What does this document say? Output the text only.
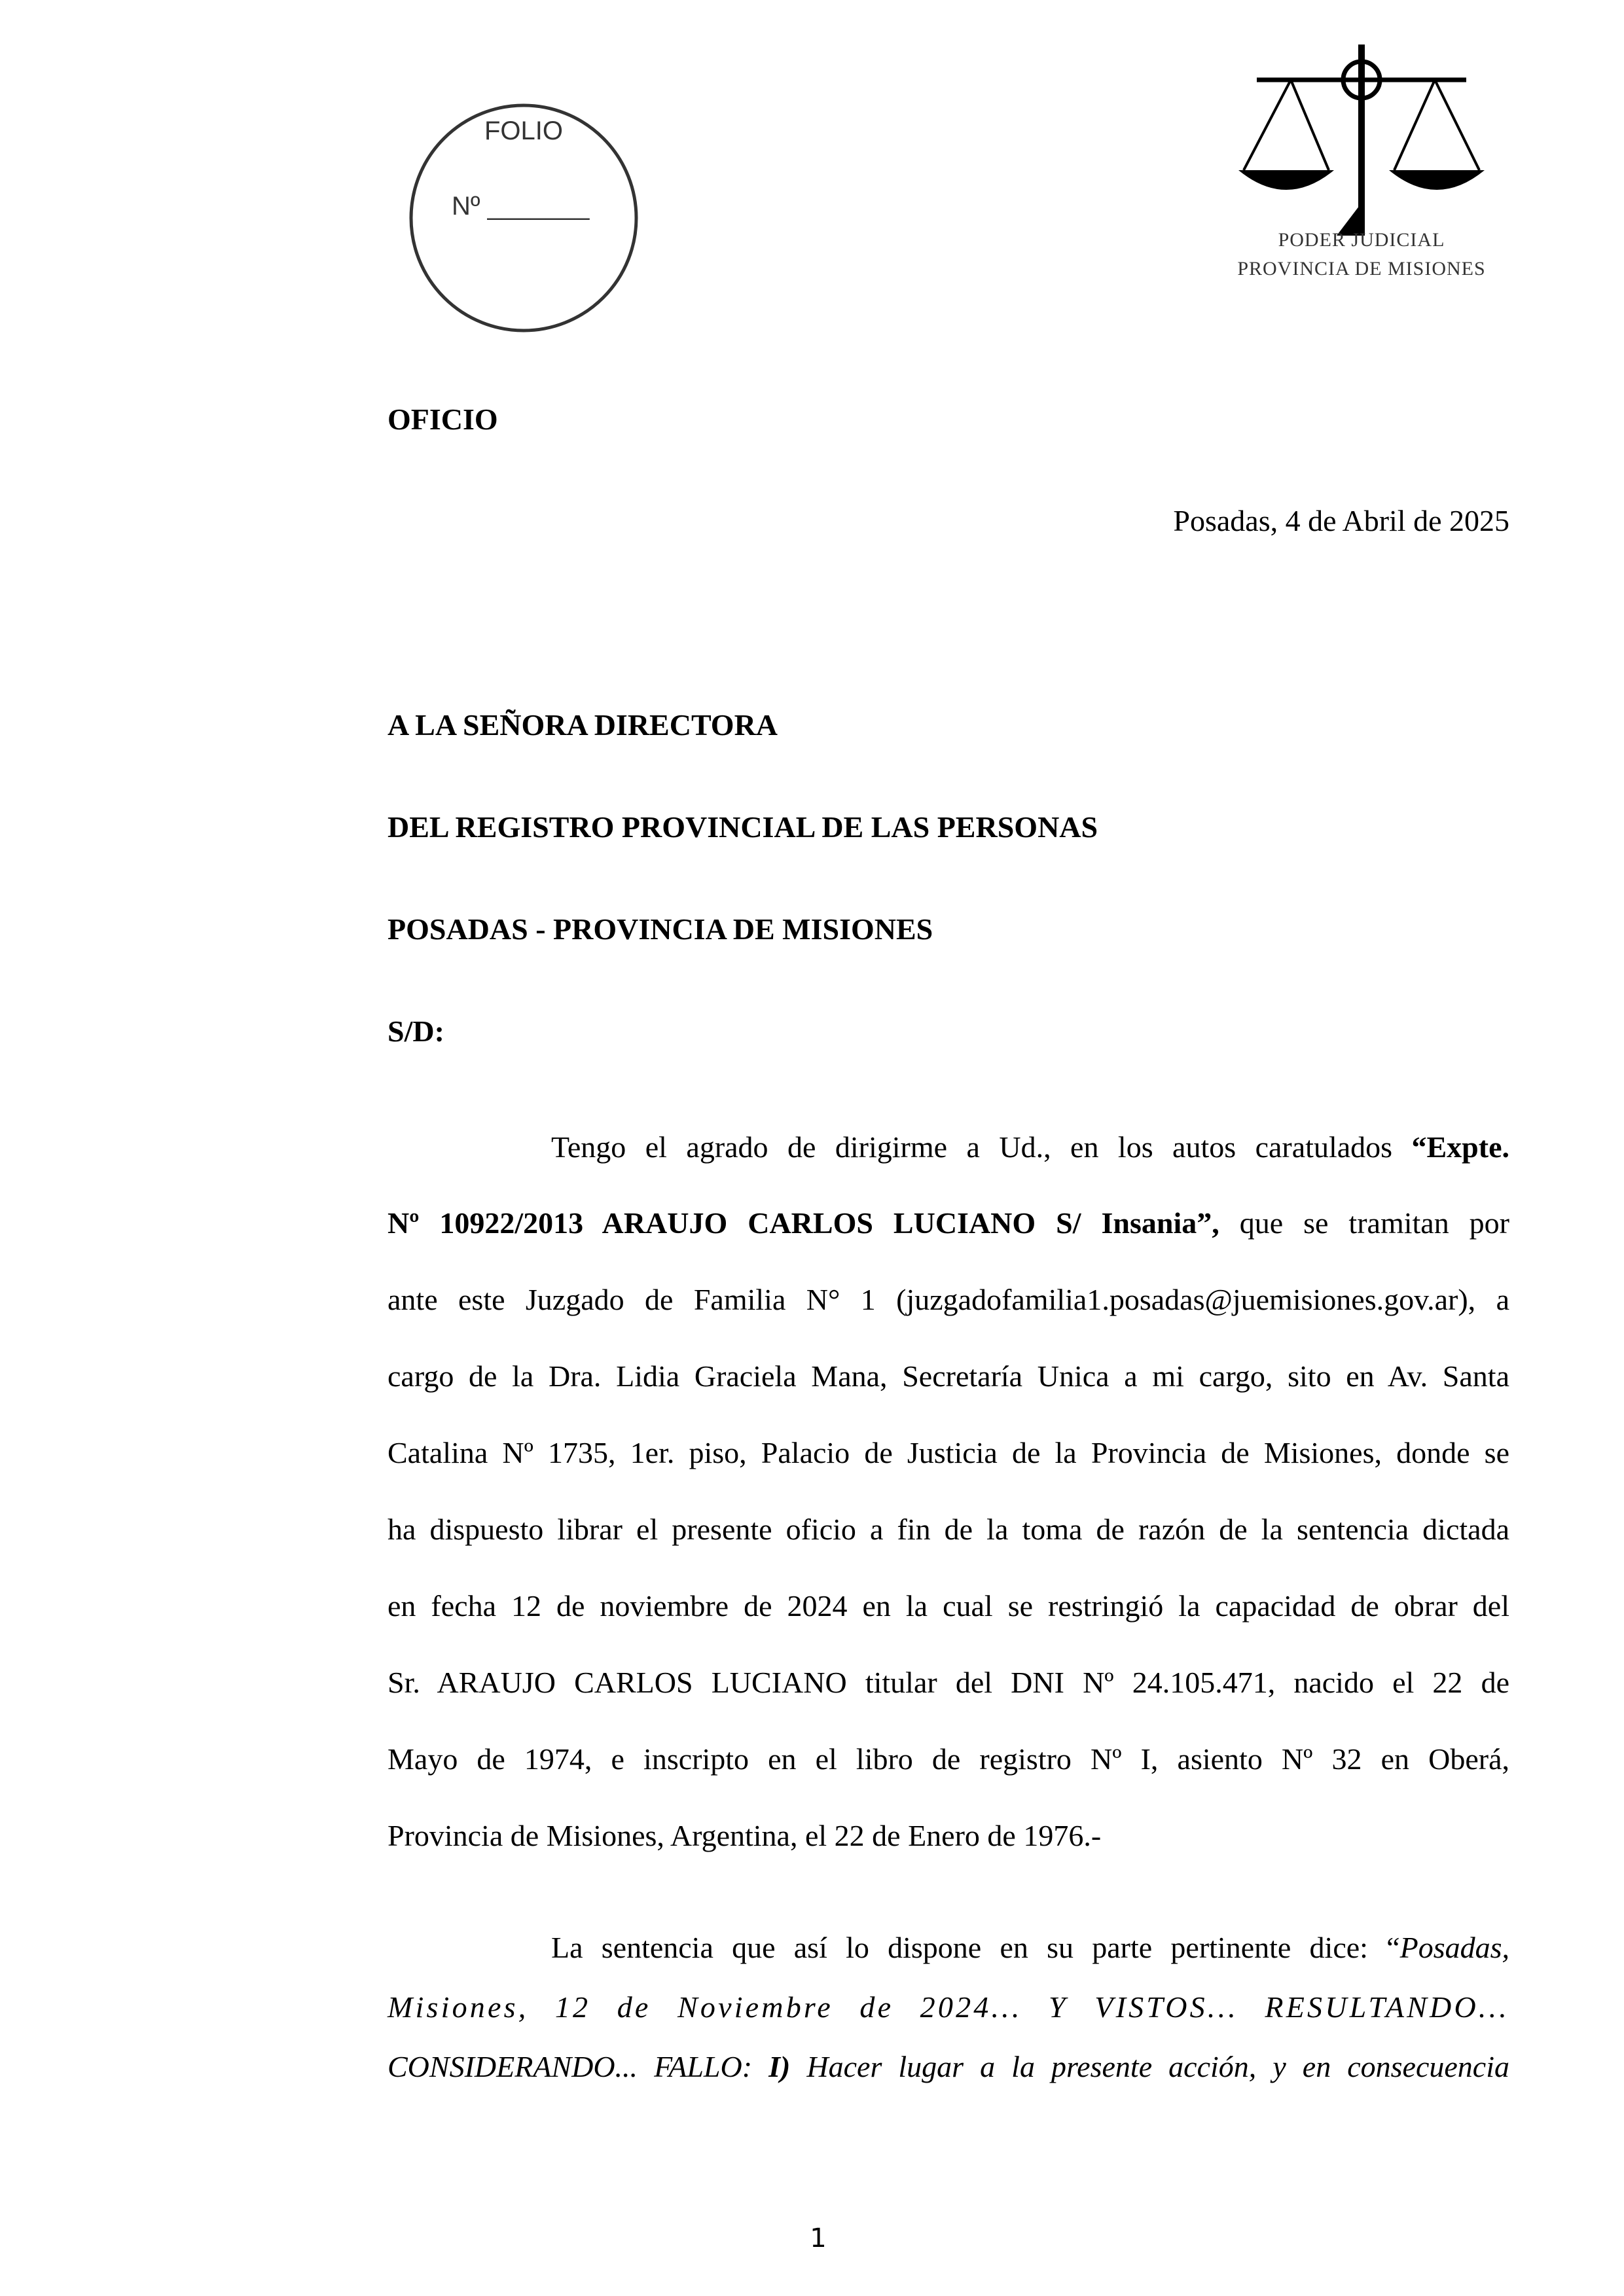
FOLIO
Nº _______
PODER JUDICIAL
PROVINCIA DE MISIONES
OFICIO
Posadas, 4 de Abril de 2025
A LA SEÑORA DIRECTORA
DEL REGISTRO PROVINCIAL DE LAS PERSONAS
POSADAS - PROVINCIA DE MISIONES
S/D:
Tengo el agrado de dirigirme a Ud., en los autos caratulados “Expte.
Nº 10922/2013 ARAUJO CARLOS LUCIANO S/ Insania”, que se tramitan por
ante este Juzgado de Familia N° 1 (juzgadofamilia1.posadas@juemisiones.gov.ar), a
cargo de la Dra. Lidia Graciela Mana, Secretaría Unica a mi cargo, sito en Av. Santa
Catalina Nº 1735, 1er. piso, Palacio de Justicia de la Provincia de Misiones, donde se
ha dispuesto librar el presente oficio a fin de la toma de razón de la sentencia dictada
en fecha 12 de noviembre de 2024 en la cual se restringió la capacidad de obrar del
Sr. ARAUJO CARLOS LUCIANO titular del DNI Nº 24.105.471, nacido el 22 de
Mayo de 1974, e inscripto en el libro de registro Nº I, asiento Nº 32 en Oberá,
Provincia de Misiones, Argentina, el 22 de Enero de 1976.-
La sentencia que así lo dispone en su parte pertinente dice: “Posadas,
Misiones, 12 de Noviembre de 2024... Y VISTOS... RESULTANDO...
CONSIDERANDO... FALLO: I) Hacer lugar a la presente acción, y en consecuencia
1
